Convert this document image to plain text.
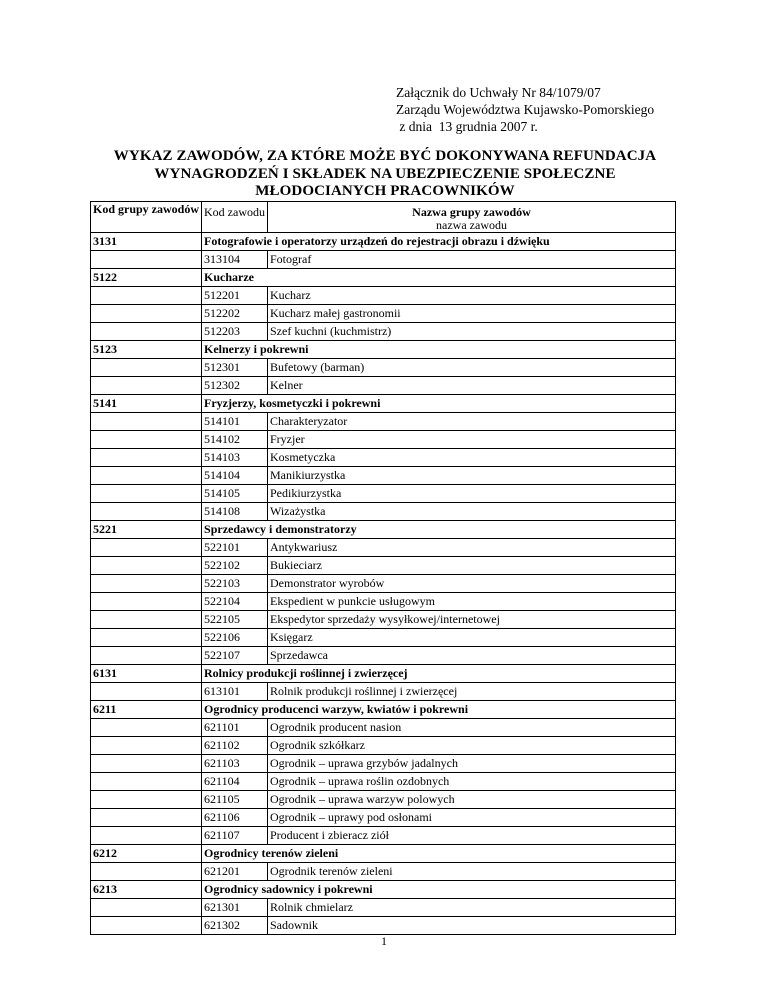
Załącznik do Uchwały Nr 84/1079/07
Zarządu Województwa Kujawsko-Pomorskiego
z dnia  13 grudnia 2007 r.
WYKAZ ZAWODÓW, ZA KTÓRE MOŻE BYĆ DOKONYWANA REFUNDACJA
WYNAGRODZEŃ I SKŁADEK NA UBEZPIECZENIE SPOŁECZNE
MŁODOCIANYCH PRACOWNIKÓW
Kod grupy zawodów	Kod zawodu	Nazwa grupy zawodów
nazwa zawodu
3131	Fotografowie i operatorzy urządzeń do rejestracji obrazu i dźwięku	
	313104	Fotograf
5122	Kucharze	
	512201	Kucharz
	512202	Kucharz małej gastronomii
	512203	Szef kuchni (kuchmistrz)
5123	Kelnerzy i pokrewni	
	512301	Bufetowy (barman)
	512302	Kelner
5141	Fryzjerzy, kosmetyczki i pokrewni	
	514101	Charakteryzator
	514102	Fryzjer
	514103	Kosmetyczka
	514104	Manikiurzystka
	514105	Pedikiurzystka
	514108	Wizażystka
5221	Sprzedawcy i demonstratorzy	
	522101	Antykwariusz
	522102	Bukieciarz
	522103	Demonstrator wyrobów
	522104	Ekspedient w punkcie usługowym
	522105	Ekspedytor sprzedaży wysyłkowej/internetowej
	522106	Księgarz
	522107	Sprzedawca
6131	Rolnicy produkcji roślinnej i zwierzęcej	
	613101	Rolnik produkcji roślinnej i zwierzęcej
6211	Ogrodnicy producenci warzyw, kwiatów i pokrewni	
	621101	Ogrodnik producent nasion
	621102	Ogrodnik szkółkarz
	621103	Ogrodnik – uprawa grzybów jadalnych
	621104	Ogrodnik – uprawa roślin ozdobnych
	621105	Ogrodnik – uprawa warzyw polowych
	621106	Ogrodnik – uprawy pod osłonami
	621107	Producent i zbieracz ziół
6212	Ogrodnicy terenów zieleni	
	621201	Ogrodnik terenów zieleni
6213	Ogrodnicy sadownicy i pokrewni	
	621301	Rolnik chmielarz
	621302	Sadownik
1
